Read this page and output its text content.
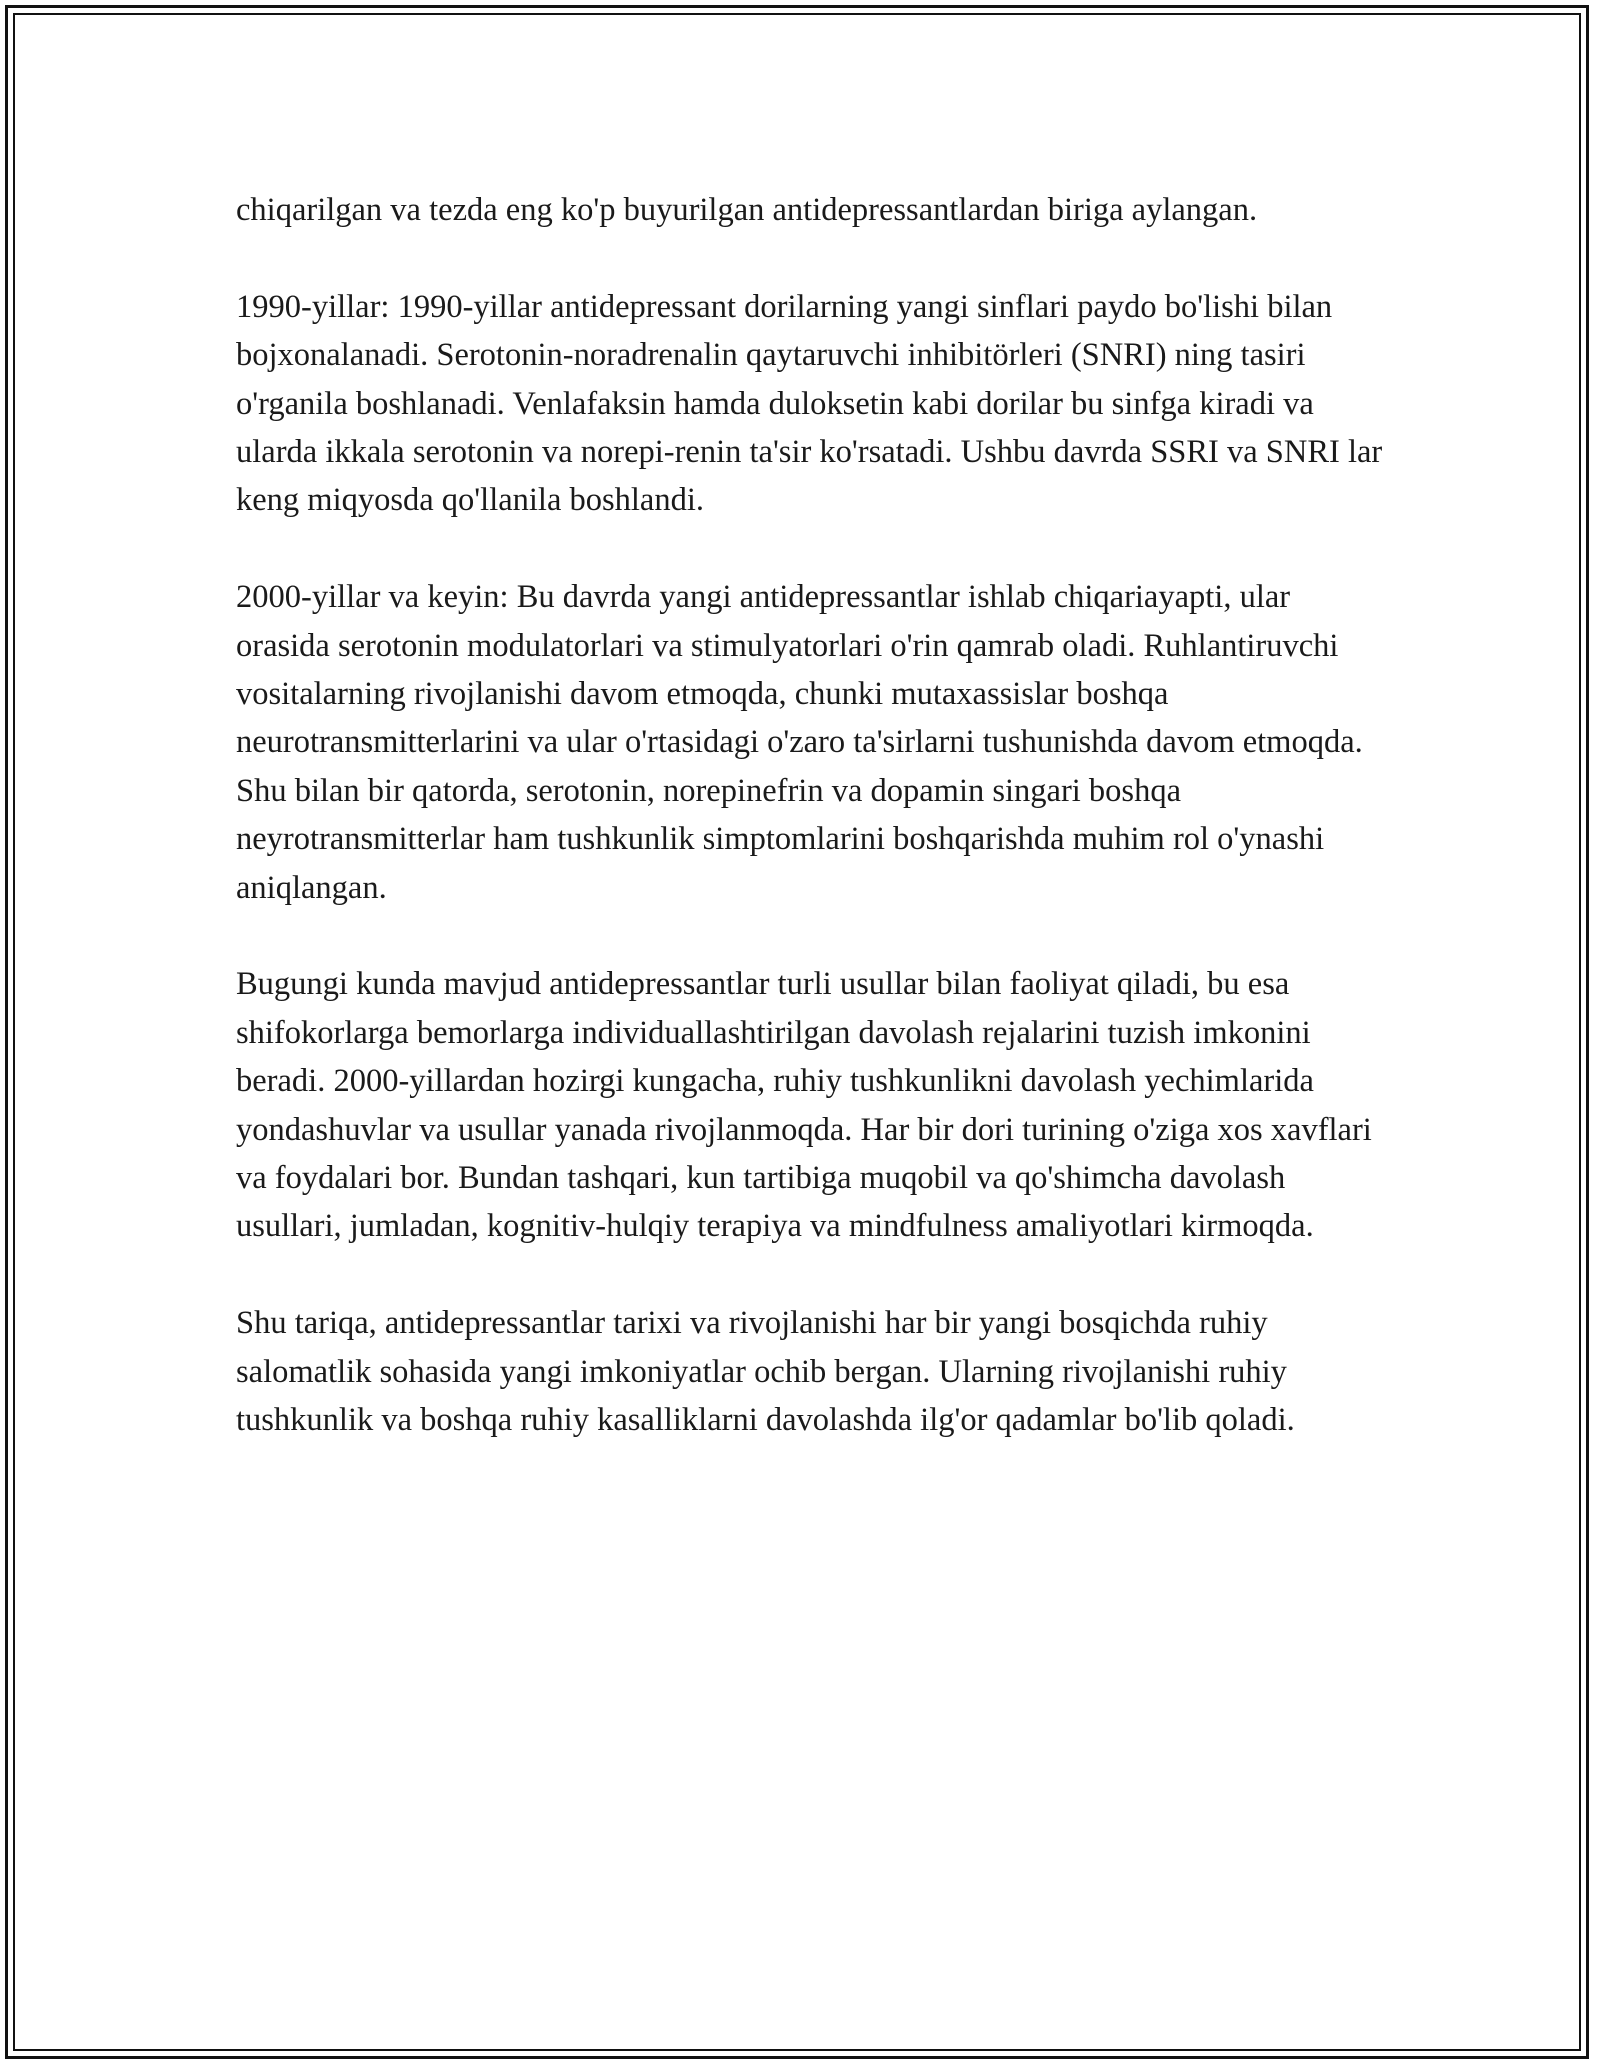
chiqarilgan va tezda eng ko'p buyurilgan antidepressantlardan biriga aylangan.

1990-yillar: 1990-yillar antidepressant dorilarning yangi sinflari paydo bo'lishi bilan bojxonalanadi. Serotonin-noradrenalin qaytaruvchi inhibitörleri (SNRI) ning tasiri o'rganila boshlanadi. Venlafaksin hamda duloksetin kabi dorilar bu sinfga kiradi va ularda ikkala serotonin va norepi-renin ta'sir ko'rsatadi. Ushbu davrda SSRI va SNRI lar keng miqyosda qo'llanila boshlandi.

2000-yillar va keyin: Bu davrda yangi antidepressantlar ishlab chiqariayapti, ular orasida serotonin modulatorlari va stimulyatorlari o'rin qamrab oladi. Ruhlantiruvchi vositalarning rivojlanishi davom etmoqda, chunki mutaxassislar boshqa neurotransmitterlarini va ular o'rtasidagi o'zaro ta'sirlarni tushunishda davom etmoqda. Shu bilan bir qatorda, serotonin, norepinefrin va dopamin singari boshqa neyrotransmitterlar ham tushkunlik simptomlarini boshqarishda muhim rol o'ynashi aniqlangan.

Bugungi kunda mavjud antidepressantlar turli usullar bilan faoliyat qiladi, bu esa shifokorlarga bemorlarga individuallashtirilgan davolash rejalarini tuzish imkonini beradi. 2000-yillardan hozirgi kungacha, ruhiy tushkunlikni davolash yechimlarida yondashuvlar va usullar yanada rivojlanmoqda. Har bir dori turining o'ziga xos xavflari va foydalari bor. Bundan tashqari, kun tartibiga muqobil va qo'shimcha davolash usullari, jumladan, kognitiv-hulqiy terapiya va mindfulness amaliyotlari kirmoqda.

Shu tariqa, antidepressantlar tarixi va rivojlanishi har bir yangi bosqichda ruhiy salomatlik sohasida yangi imkoniyatlar ochib bergan. Ularning rivojlanishi ruhiy tushkunlik va boshqa ruhiy kasalliklarni davolashda ilg'or qadamlar bo'lib qoladi.
